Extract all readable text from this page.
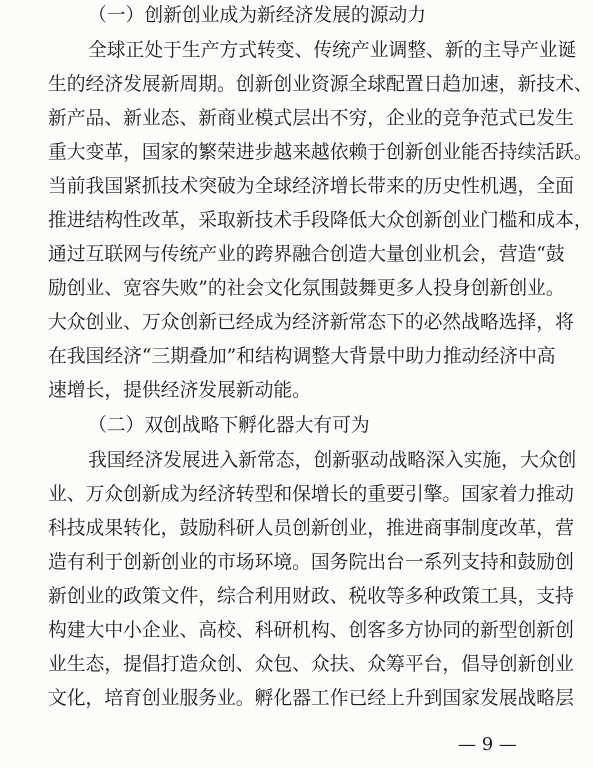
（一）创新创业成为新经济发展的源动力
全球正处于生产方式转变、传统产业调整、新的主导产业诞
生的经济发展新周期。创新创业资源全球配置日趋加速，新技术、
新产品、新业态、新商业模式层出不穷，企业的竞争范式已发生
重大变革，国家的繁荣进步越来越依赖于创新创业能否持续活跃。
当前我国紧抓技术突破为全球经济增长带来的历史性机遇，全面
推进结构性改革，采取新技术手段降低大众创新创业门槛和成本，
通过互联网与传统产业的跨界融合创造大量创业机会，营造“鼓
励创业、宽容失败”的社会文化氛围鼓舞更多人投身创新创业。
大众创业、万众创新已经成为经济新常态下的必然战略选择，将
在我国经济“三期叠加”和结构调整大背景中助力推动经济中高
速增长，提供经济发展新动能。
（二）双创战略下孵化器大有可为
我国经济发展进入新常态，创新驱动战略深入实施，大众创
业、万众创新成为经济转型和保增长的重要引擎。国家着力推动
科技成果转化，鼓励科研人员创新创业，推进商事制度改革，营
造有利于创新创业的市场环境。国务院出台一系列支持和鼓励创
新创业的政策文件，综合利用财政、税收等多种政策工具，支持
构建大中小企业、高校、科研机构、创客多方协同的新型创新创
业生态，提倡打造众创、众包、众扶、众筹平台，倡导创新创业
文化，培育创业服务业。孵化器工作已经上升到国家发展战略层
— 9 —
